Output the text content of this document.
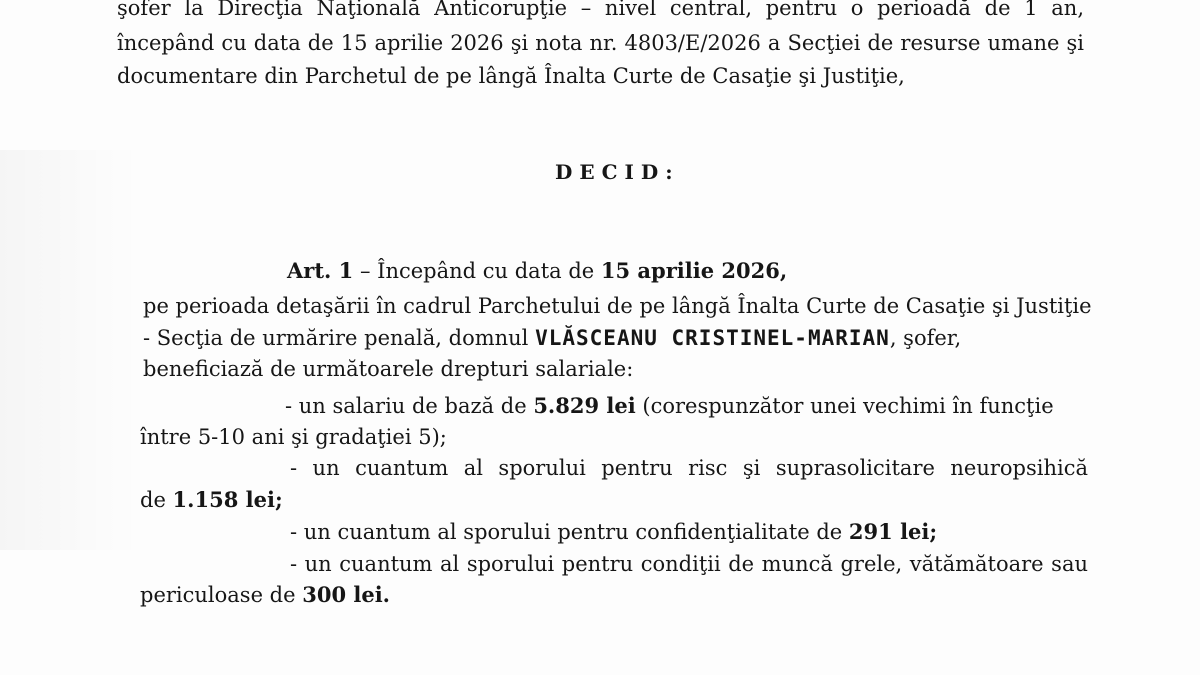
şofer la Direcţia Naţională Anticorupţie – nivel central, pentru o perioadă de 1 an,
începând cu data de 15 aprilie 2026 şi nota nr. 4803/E/2026 a Secţiei de resurse umane şi
documentare din Parchetul de pe lângă Înalta Curte de Casaţie şi Justiţie,
DECID:
Art. 1 – Începând cu data de 15 aprilie 2026,
pe perioada detaşării în cadrul Parchetului de pe lângă Înalta Curte de Casaţie şi Justiţie
- Secţia de urmărire penală, domnul VLĂSCEANU CRISTINEL-MARIAN, şofer,
beneficiază de următoarele drepturi salariale:
- un salariu de bază de 5.829 lei (corespunzător unei vechimi în funcţie
între 5-10 ani şi gradaţiei 5);
- un cuantum al sporului pentru risc şi suprasolicitare neuropsihică
de 1.158 lei;
- un cuantum al sporului pentru confidenţialitate de 291 lei;
- un cuantum al sporului pentru condiţii de muncă grele, vătămătoare sau
periculoase de 300 lei.
